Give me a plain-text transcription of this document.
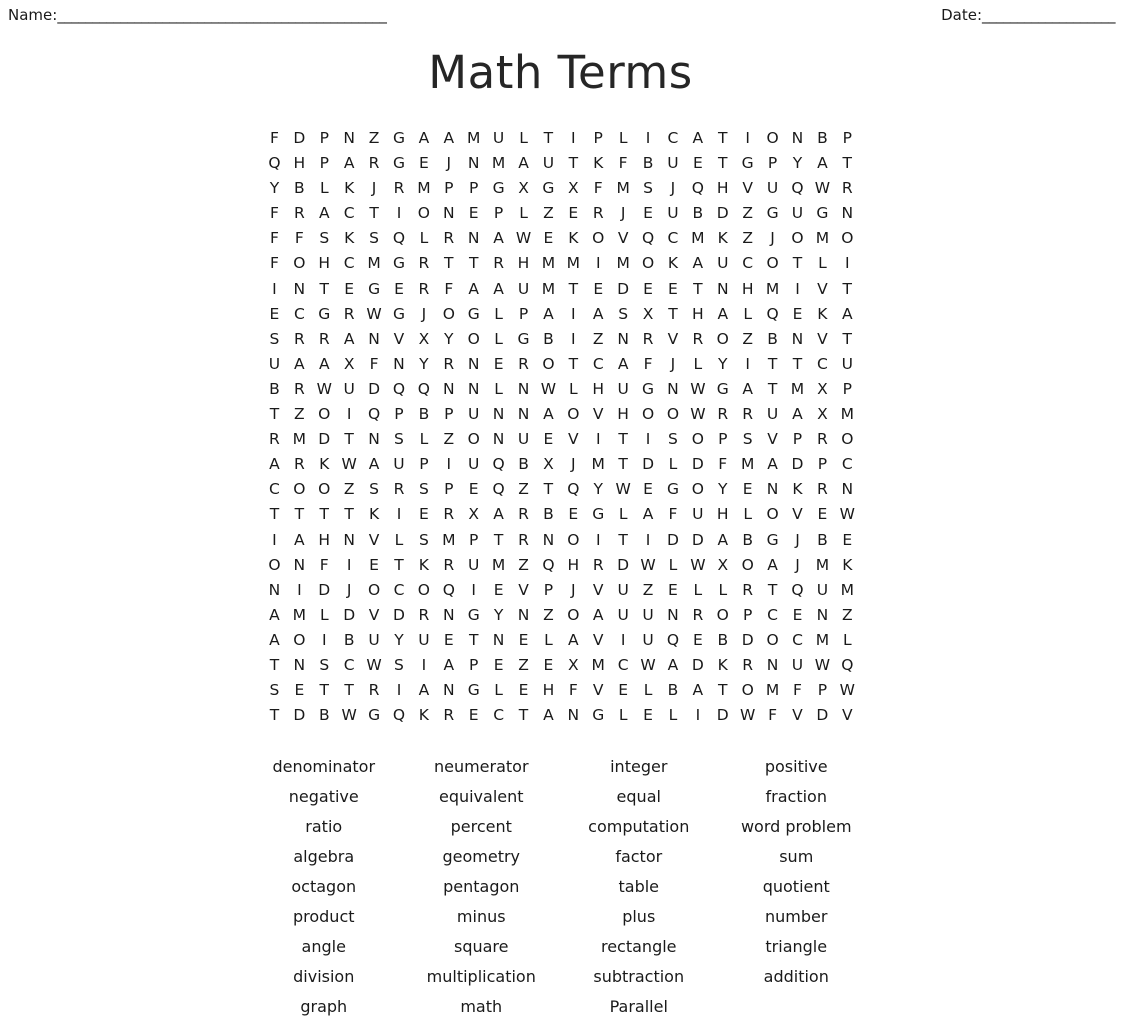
Name:_______________________________________________	Date:___________________
Math Terms
F D P N Z G A A M U L	T	I	P	L	I	C A T	I	O N B P
Q H P A R G E	J	N M A U T K F B U E T G P Y A T
Y B L	K	J	R M P	P G X G X F M S	J	Q H V U Q W R
F R A C T	I	O N E P	L Z E R	J	E U B D Z G U G N
F	F	S K S Q L R N A W E K O V Q C M K Z	J	O M O
F O H C M G R T T R H M M	I	M O K A U C O T	L	I
I	N T E G E R F A A U M T E D E E T N H M	I	V T
E C G R W G	J	O G L	P A	I	A S X T H A L Q E K A
S R R A N V X Y O L G B	I	Z N R V R O Z B N V T
U A A X F N Y R N E R O T C A F	J	L	Y	I	T T C U
B R W U D Q Q N N L N W L H U G N W G A T M X P
T Z O	I	Q P B P U N N A O V H O O W R R U A X M
R M D T N S	L Z O N U E V	I	T	I	S O P S V P R O
A R K W A U P	I	U Q B X	J	M T D L D F M A D P C
C O O Z S R S P E Q Z T Q Y W E G O Y E N K R N
T T T T K	I	E R X A R B E G L A F U H L O V E W
I	A H N V L	S M P T R N O	I	T	I	D D A B G	J	B E
O N F	I	E T K R U M Z Q H R D W L W X O A	J	M K
N	I	D	J	O C O Q	I	E V P	J	V U Z E	L	L R T Q U M
A M L D V D R N G Y N Z O A U U N R O P C E N Z
A O	I	B U Y U E T N E	L A V	I	U Q E B D O C M L
T N S C W S	I	A P E Z E X M C W A D K R N U W Q
S E T T R	I	A N G L	E H F V E	L B A T O M F	P W
T D B W G Q K R E C T A N G L	E	L	I	D W F V D V
denominator	neumerator	integer	positive
negative	equivalent	equal	fraction
ratio	percent	computation	word problem
algebra	geometry	factor	sum
octagon	pentagon	table	quotient
product	minus	plus	number
angle	square	rectangle	triangle
division	multiplication	subtraction	addition
graph	math	Parallel
